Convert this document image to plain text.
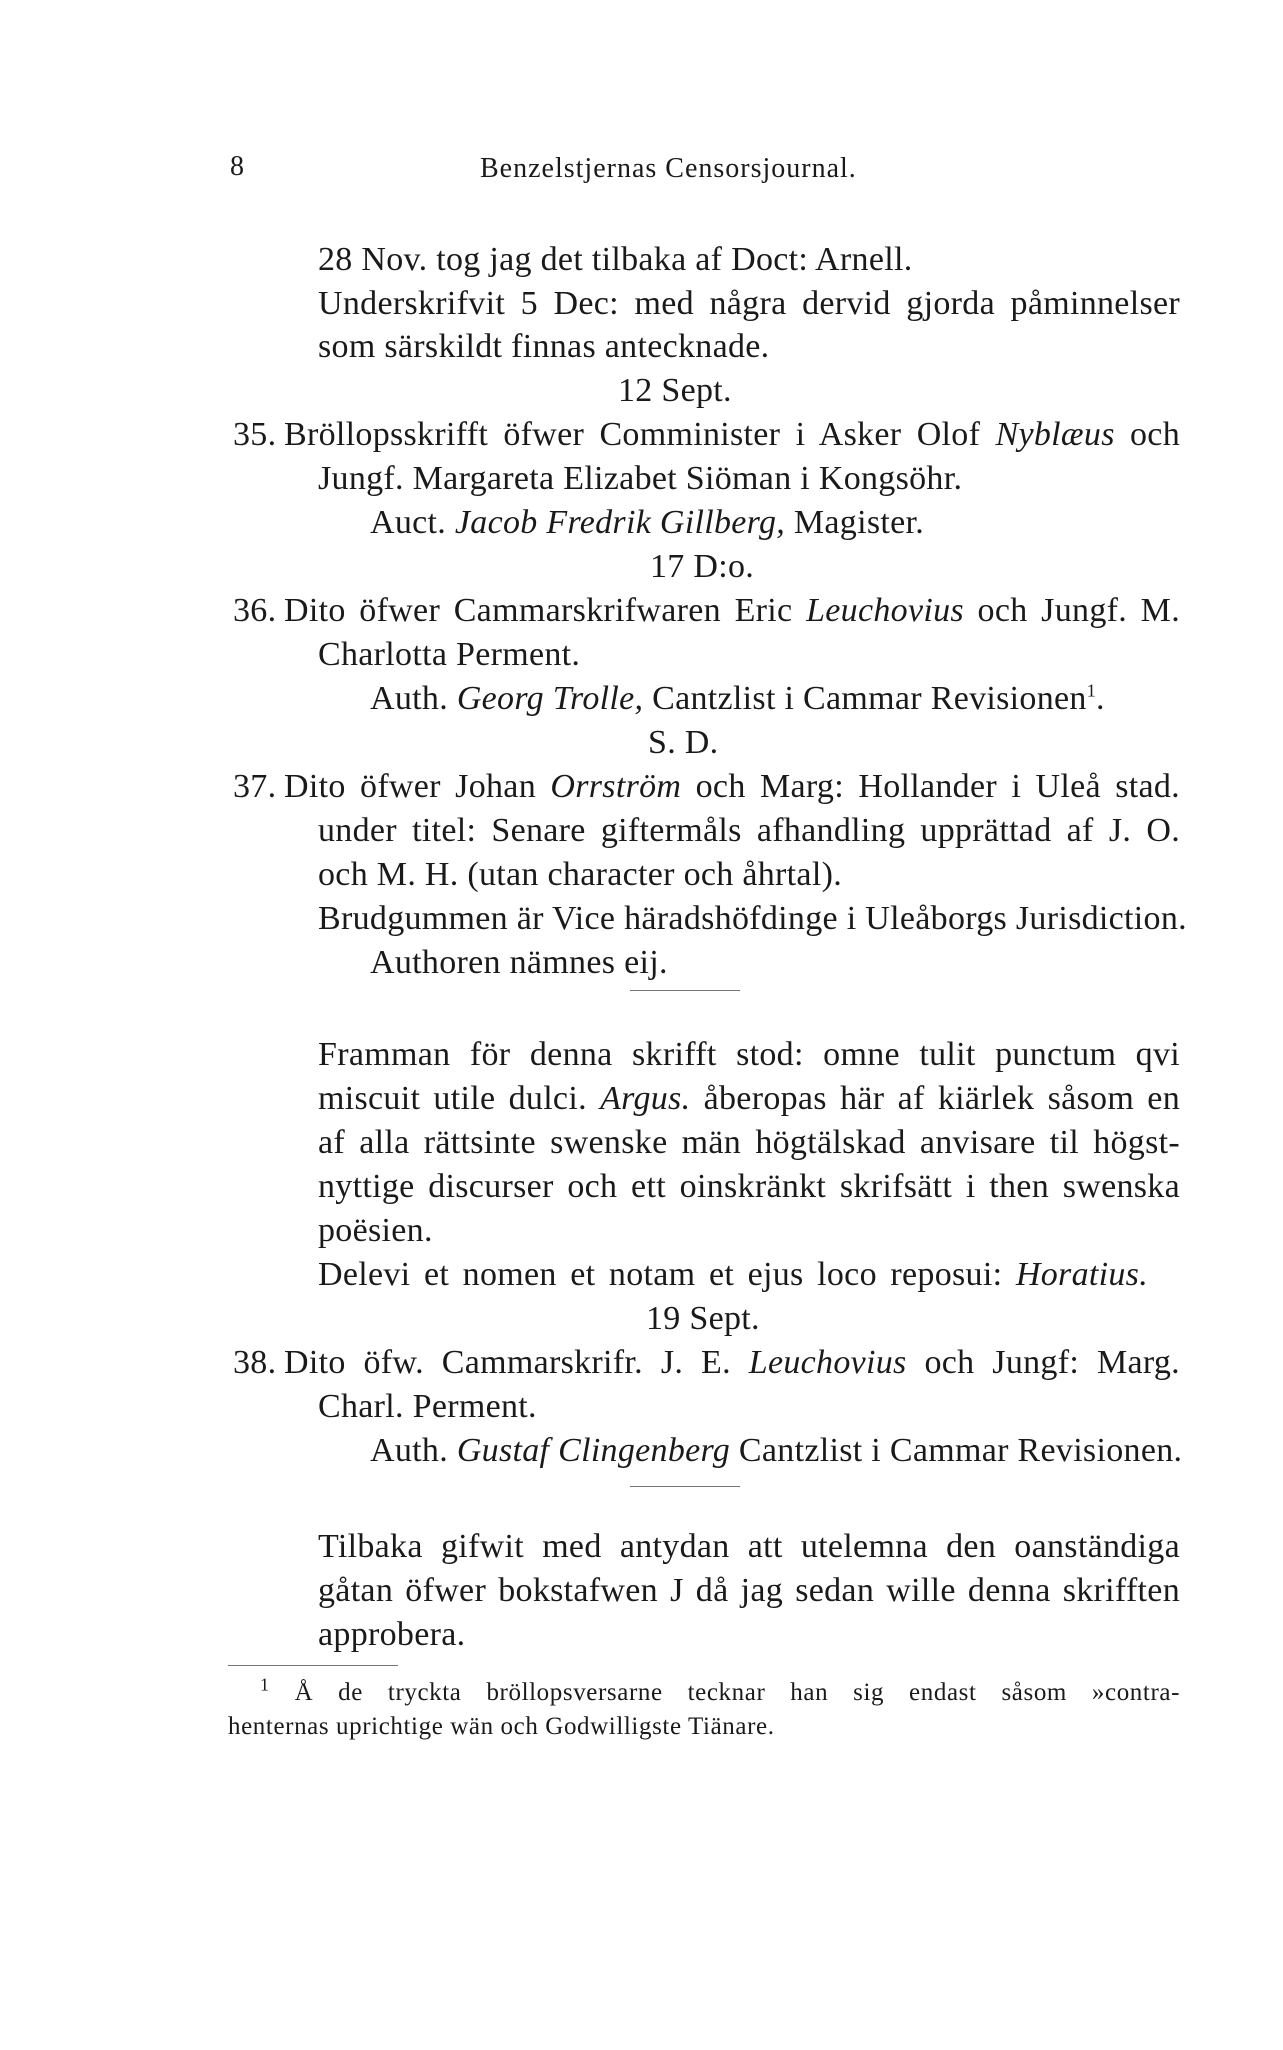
8	Benzelstjernas Censorsjournal.
28 Nov. tog jag det tilbaka af Doct: Arnell.
Underskrifvit 5 Dec: med några dervid gjorda påminnelser
som särskildt finnas antecknade.
12 Sept.
35. Bröllopsskrifft öfwer Comminister i Asker Olof Nyblæus och
Jungf. Margareta Elizabet Siöman i Kongsöhr.
Auct. Jacob Fredrik Gillberg, Magister.
17 D:o.
36. Dito öfwer Cammarskrifwaren Eric Leuchovius och Jungf. M.
Charlotta Perment.
Auth. Georg Trolle, Cantzlist i Cammar Revisionen$^1$.
S. D.
37. Dito öfwer Johan Orrström och Marg: Hollander i Uleå stad.
under titel: Senare giftermåls afhandling upprättad af J. O.
och M. H. (utan character och åhrtal).
Brudgummen är Vice häradshöfdinge i Uleåborgs Jurisdiction.
Authoren nämnes eij.
Framman för denna skrifft stod: omne tulit punctum qvi
miscuit utile dulci. Argus. åberopas här af kiärlek såsom en
af alla rättsinte swenske män högtälskad anvisare til högst-
nyttige discurser och ett oinskränkt skrifsätt i then swenska
poësien.
Delevi et nomen et notam et ejus loco reposui: Horatius.
19 Sept.
38. Dito öfw. Cammarskrifr. J. E. Leuchovius och Jungf: Marg.
Charl. Perment.
Auth. Gustaf Clingenberg Cantzlist i Cammar Revisionen.
Tilbaka gifwit med antydan att utelemna den oanständiga
gåtan öfwer bokstafwen J då jag sedan wille denna skrifften
approbera.
$^1$ Å de tryckta bröllopsversarne tecknar han sig endast såsom »contra-
henternas uprichtige wän och Godwilligste Tiänare.
